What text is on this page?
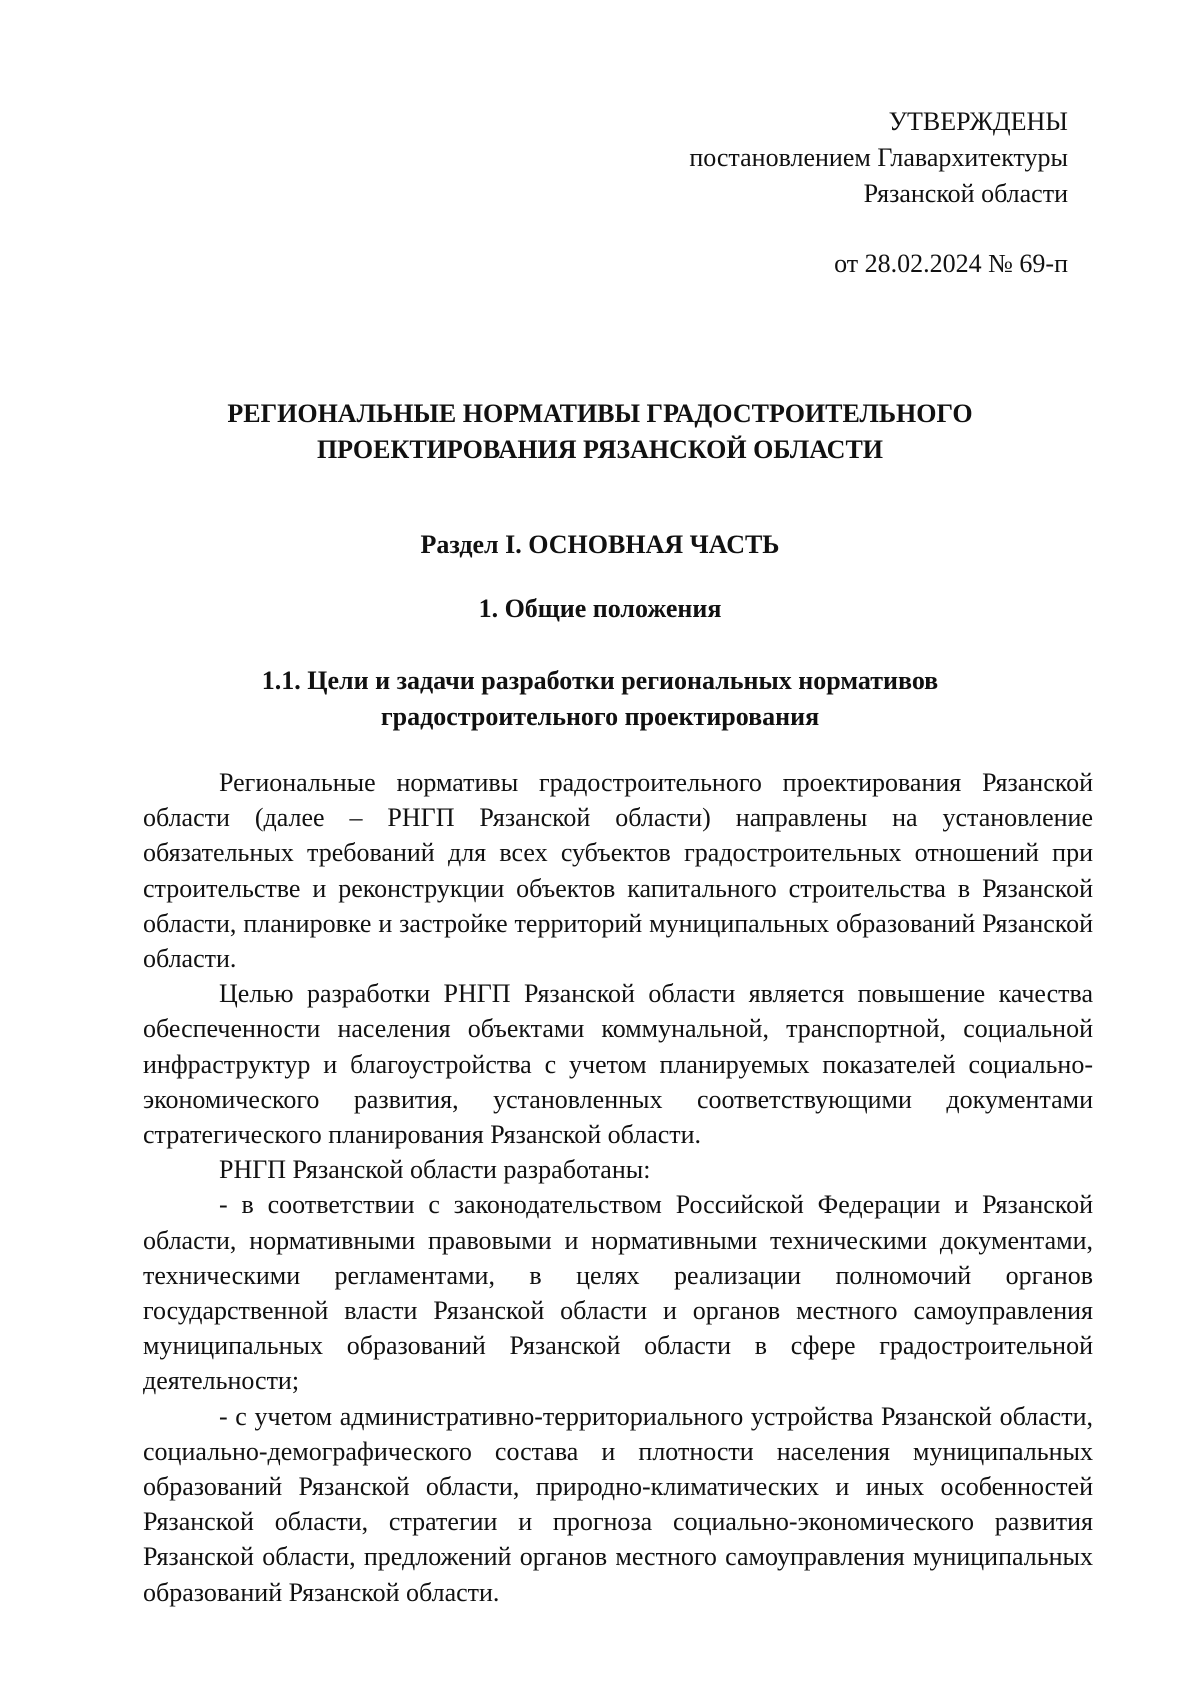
УТВЕРЖДЕНЫ
постановлением Главархитектуры
Рязанской области
от 28.02.2024 № 69-п
РЕГИОНАЛЬНЫЕ НОРМАТИВЫ ГРАДОСТРОИТЕЛЬНОГО
ПРОЕКТИРОВАНИЯ РЯЗАНСКОЙ ОБЛАСТИ
Раздел I. ОСНОВНАЯ ЧАСТЬ
1. Общие положения
1.1. Цели и задачи разработки региональных нормативов
градостроительного проектирования

Региональные нормативы градостроительного проектирования Рязанской области (далее – РНГП Рязанской области) направлены на установление обязательных требований для всех субъектов градостроительных отношений при строительстве и реконструкции объектов капитального строительства в Рязанской области, планировке и застройке территорий муниципальных образований Рязанской области.

Целью разработки РНГП Рязанской области является повышение качества обеспеченности населения объектами коммунальной, транспортной, социальной инфраструктур и благоустройства с учетом планируемых показателей социально-экономического развития, установленных соответствующими документами стратегического планирования Рязанской области.

РНГП Рязанской области разработаны:

- в соответствии с законодательством Российской Федерации и Рязанской области, нормативными правовыми и нормативными техническими документами, техническими регламентами, в целях реализации полномочий органов государственной власти Рязанской области и органов местного самоуправления муниципальных образований Рязанской области в сфере градостроительной деятельности;

- с учетом административно-территориального устройства Рязанской области, социально-демографического состава и плотности населения муниципальных образований Рязанской области, природно-климатических и иных особенностей Рязанской области, стратегии и прогноза социально-экономического развития Рязанской области, предложений органов местного самоуправления муниципальных образований Рязанской области.
